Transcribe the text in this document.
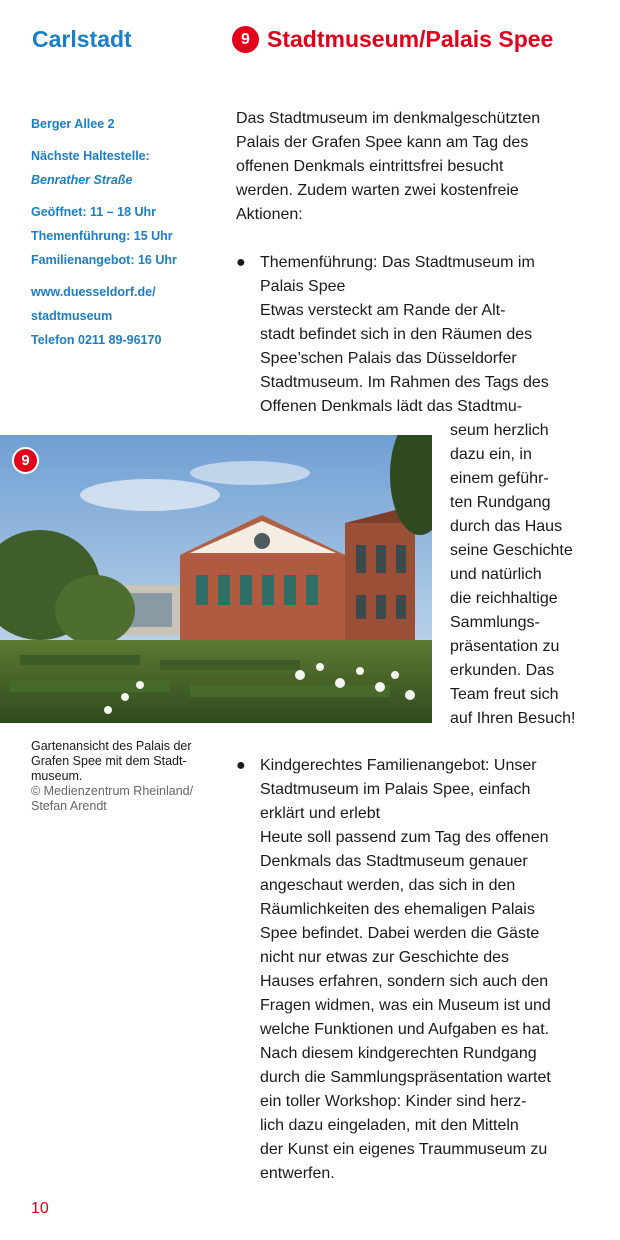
Carlstadt	9 Stadtmuseum/Palais Spee
Berger Allee 2
Nächste Haltestelle:
Benrather Straße
Geöffnet: 11 – 18 Uhr
Themenführung: 15 Uhr
Familienangebot: 16 Uhr
www.duesseldorf.de/
stadtmuseum
Telefon 0211 89-96170
Das Stadtmuseum im denkmalgeschützten
Palais der Grafen Spee kann am Tag des
offenen Denkmals eintrittsfrei besucht
werden. Zudem warten zwei kostenfreie
Aktionen:
● Themenführung: Das Stadtmuseum im
Palais Spee
Etwas versteckt am Rande der Alt-
stadt befindet sich in den Räumen des
Spee’schen Palais das Düsseldorfer
Stadtmuseum. Im Rahmen des Tags des
Offenen Denkmals lädt das Stadtmu-
seum herzlich
dazu ein, in
einem geführ-
ten Rundgang
durch das Haus
seine Geschichte
und natürlich
die reichhaltige
Sammlungs-
präsentation zu
erkunden. Das
Team freut sich
auf Ihren Besuch!
9
Gartenansicht des Palais der
Grafen Spee mit dem Stadt-
museum.
© Medienzentrum Rheinland/
Stefan Arendt
● Kindgerechtes Familienangebot: Unser
Stadtmuseum im Palais Spee, einfach
erklärt und erlebt
Heute soll passend zum Tag des offenen
Denkmals das Stadtmuseum genauer
angeschaut werden, das sich in den
Räumlichkeiten des ehemaligen Palais
Spee befindet. Dabei werden die Gäste
nicht nur etwas zur Geschichte des
Hauses erfahren, sondern sich auch den
Fragen widmen, was ein Museum ist und
welche Funktionen und Aufgaben es hat.
Nach diesem kindgerechten Rundgang
durch die Sammlungspräsentation wartet
ein toller Workshop: Kinder sind herz-
lich dazu eingeladen, mit den Mitteln
der Kunst ein eigenes Traummuseum zu
entwerfen.
10
